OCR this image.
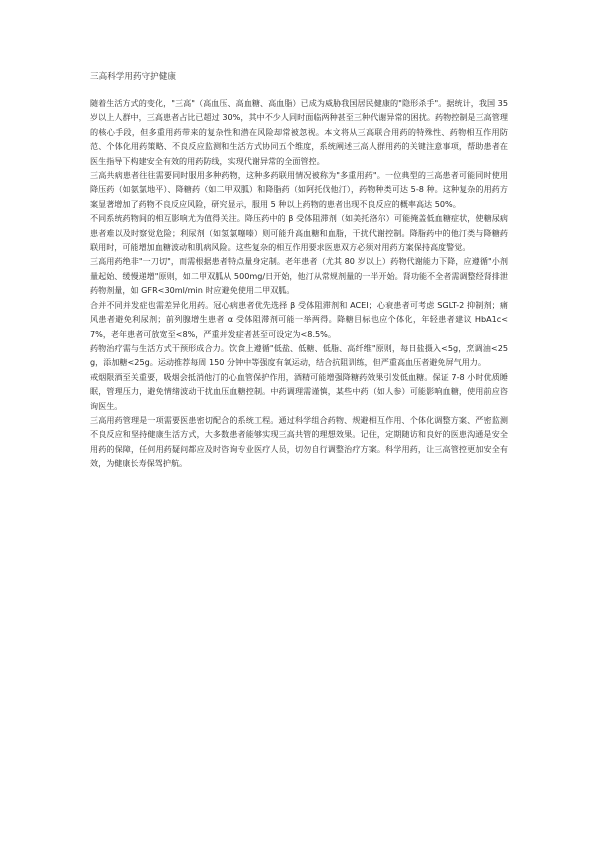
三高科学用药守护健康

随着生活方式的变化，"三高"（高血压、高血糖、高血脂）已成为威胁我国居民健康的"隐形杀手"。据统计，我国 35 岁以上人群中，三高患者占比已超过 30%，其中不少人同时面临两种甚至三种代谢异常的困扰。药物控制是三高管理的核心手段，但多重用药带来的复杂性和潜在风险却常被忽视。本文将从三高联合用药的特殊性、药物相互作用防范、个体化用药策略、不良反应监测和生活方式协同五个维度，系统阐述三高人群用药的关键注意事项，帮助患者在医生指导下构建安全有效的用药防线，实现代谢异常的全面管控。

三高共病患者往往需要同时服用多种药物，这种多药联用情况被称为"多重用药"。一位典型的三高患者可能同时使用降压药（如氨氯地平）、降糖药（如二甲双胍）和降脂药（如阿托伐他汀），药物种类可达 5-8 种。这种复杂的用药方案显著增加了药物不良反应风险，研究显示，服用 5 种以上药物的患者出现不良反应的概率高达 50%。

不同系统药物间的相互影响尤为值得关注。降压药中的 β 受体阻滞剂（如美托洛尔）可能掩盖低血糖症状，使糖尿病患者难以及时察觉危险；利尿剂（如氢氯噻嗪）则可能升高血糖和血脂，干扰代谢控制。降脂药中的他汀类与降糖药联用时，可能增加血糖波动和肌病风险。这些复杂的相互作用要求医患双方必须对用药方案保持高度警觉。

三高用药绝非"一刀切"，而需根据患者特点量身定制。老年患者（尤其 80 岁以上）药物代谢能力下降，应遵循"小剂量起始、缓慢递增"原则，如二甲双胍从 500mg/日开始，他汀从常规剂量的一半开始。肾功能不全者需调整经肾排泄药物剂量，如 GFR<30ml/min 时应避免使用二甲双胍。

合并不同并发症也需差异化用药。冠心病患者优先选择 β 受体阻滞剂和 ACEI；心衰患者可考虑 SGLT-2 抑制剂；痛风患者避免利尿剂；前列腺增生患者 α 受体阻滞剂可能一举两得。降糖目标也应个体化，年轻患者建议 HbA1c<7%，老年患者可放宽至<8%，严重并发症者甚至可设定为<8.5%。

药物治疗需与生活方式干预形成合力。饮食上遵循"低盐、低糖、低脂、高纤维"原则，每日盐摄入<5g，烹调油<25g，添加糖<25g。运动推荐每周 150 分钟中等强度有氧运动，结合抗阻训练，但严重高血压者避免屏气用力。

戒烟限酒至关重要，吸烟会抵消他汀的心血管保护作用，酒精可能增强降糖药效果引发低血糖。保证 7-8 小时优质睡眠，管理压力，避免情绪波动干扰血压血糖控制。中药调理需谨慎，某些中药（如人参）可能影响血糖，使用前应咨询医生。

三高用药管理是一项需要医患密切配合的系统工程。通过科学组合药物、规避相互作用、个体化调整方案、严密监测不良反应和坚持健康生活方式，大多数患者能够实现三高共管的理想效果。记住，定期随访和良好的医患沟通是安全用药的保障，任何用药疑问都应及时咨询专业医疗人员，切勿自行调整治疗方案。科学用药，让三高管控更加安全有效，为健康长寿保驾护航。
